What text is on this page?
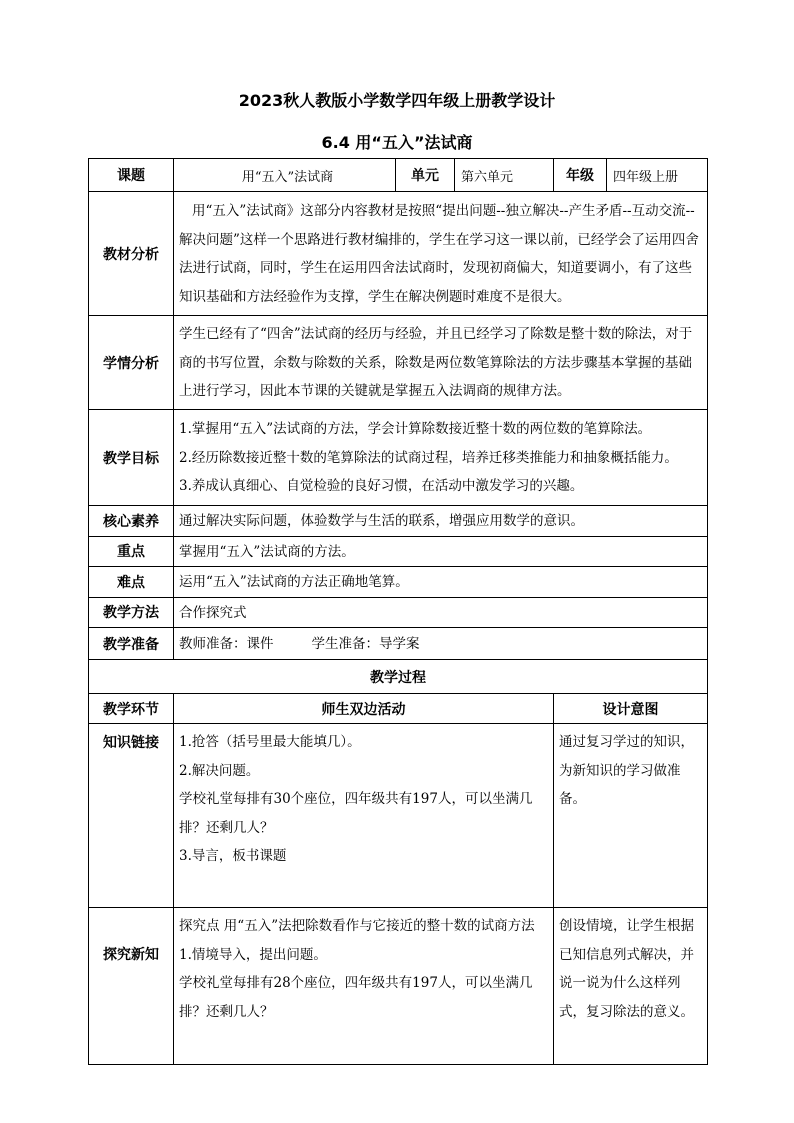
2023秋人教版小学数学四年级上册教学设计
6.4 用“五入”法试商
课题	用“五入”法试商	单元	第六单元	年级	四年级上册
教材分析	用“五入”法试商》这部分内容教材是按照“提出问题--独立解决--产生矛盾--互动交流--解决问题”这样一个思路进行教材编排的，学生在学习这一课以前，已经学会了运用四舍法进行试商，同时，学生在运用四舍法试商时，发现初商偏大，知道要调小，有了这些知识基础和方法经验作为支撑，学生在解决例题时难度不是很大。				
学情分析	学生已经有了“四舍”法试商的经历与经验，并且已经学习了除数是整十数的除法，对于商的书写位置，余数与除数的关系，除数是两位数笔算除法的方法步骤基本掌握的基础上进行学习，因此本节课的关键就是掌握五入法调商的规律方法。				
教学目标	1.掌握用“五入”法试商的方法，学会计算除数接近整十数的两位数的笔算除法。
2.经历除数接近整十数的笔算除法的试商过程，培养迁移类推能力和抽象概括能力。
3.养成认真细心、自觉检验的良好习惯，在活动中激发学习的兴趣。				

核心素养	通过解决实际问题，体验数学与生活的联系，增强应用数学的意识。				
重点	掌握用“五入”法试商的方法。				
难点	运用“五入”法试商的方法正确地笔算。				
教学方法	合作探究式				
教学准备	教师准备：课件 学生准备：导学案				
教学过程					
教学环节	师生双边活动			设计意图	
知识链接	1.抢答（括号里最大能填几）。
2.解决问题。
学校礼堂每排有30个座位，四年级共有197人，可以坐满几排？还剩几人？
3.导言，板书课题			通过复习学过的知识，为新知识的学习做准备。	
探究新知	探究点 用“五入”法把除数看作与它接近的整十数的试商方法
1.情境导入，提出问题。
学校礼堂每排有28个座位，四年级共有197人，可以坐满几排？还剩几人？			创设情境，让学生根据已知信息列式解决，并说一说为什么这样列式，复习除法的意义。	
